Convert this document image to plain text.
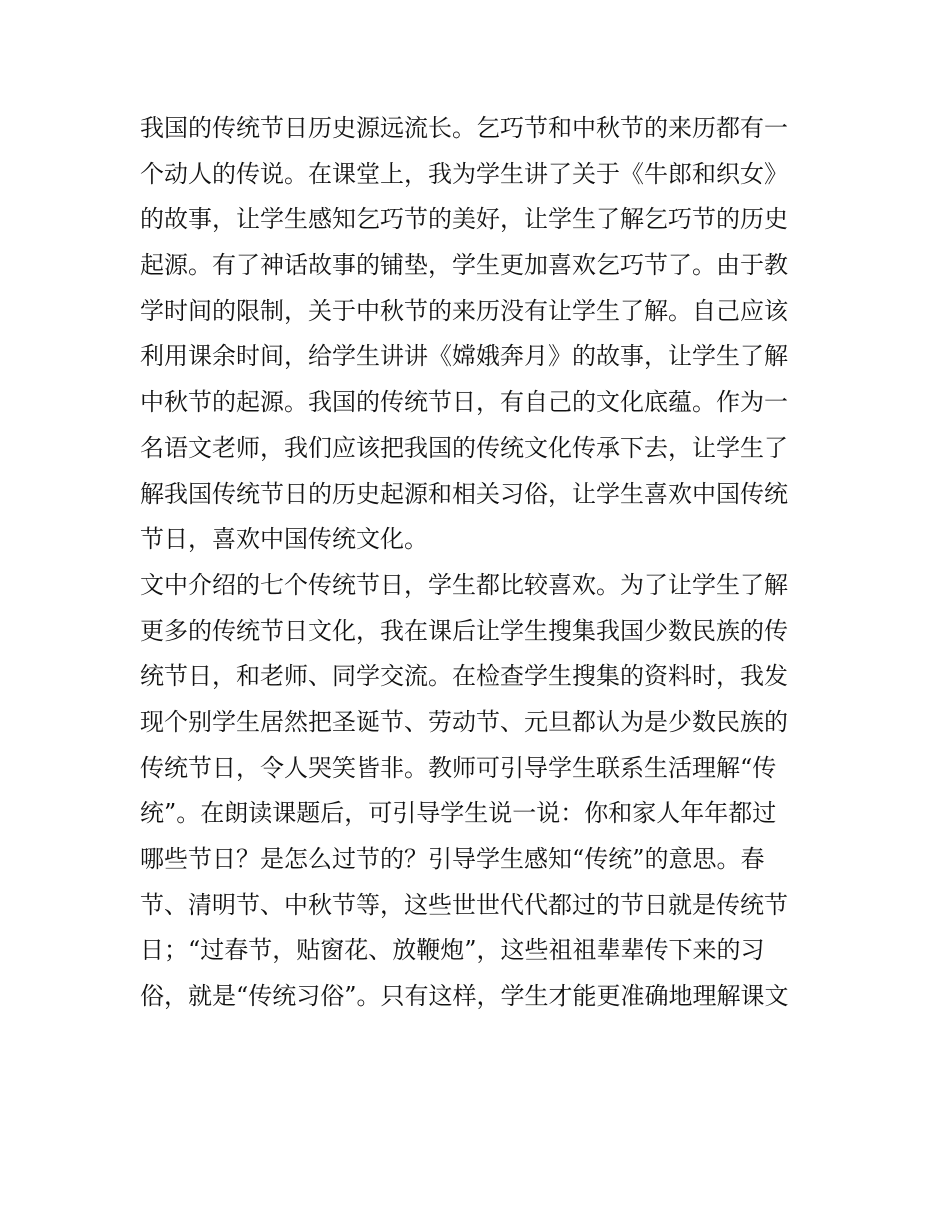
我国的传统节日历史源远流长。乞巧节和中秋节的来历都有一
个动人的传说。在课堂上，我为学生讲了关于《牛郎和织女》
的故事，让学生感知乞巧节的美好，让学生了解乞巧节的历史
起源。有了神话故事的铺垫，学生更加喜欢乞巧节了。由于教
学时间的限制，关于中秋节的来历没有让学生了解。自己应该
利用课余时间，给学生讲讲《嫦娥奔月》的故事，让学生了解
中秋节的起源。我国的传统节日，有自己的文化底蕴。作为一
名语文老师，我们应该把我国的传统文化传承下去，让学生了
解我国传统节日的历史起源和相关习俗，让学生喜欢中国传统
节日，喜欢中国传统文化。
文中介绍的七个传统节日，学生都比较喜欢。为了让学生了解
更多的传统节日文化，我在课后让学生搜集我国少数民族的传
统节日，和老师、同学交流。在检查学生搜集的资料时，我发
现个别学生居然把圣诞节、劳动节、元旦都认为是少数民族的
传统节日，令人哭笑皆非。教师可引导学生联系生活理解“传
统”。在朗读课题后，可引导学生说一说：你和家人年年都过
哪些节日？是怎么过节的？引导学生感知“传统”的意思。春
节、清明节、中秋节等，这些世世代代都过的节日就是传统节
日；“过春节，贴窗花、放鞭炮”，这些祖祖辈辈传下来的习
俗，就是“传统习俗”。只有这样，学生才能更准确地理解课文
